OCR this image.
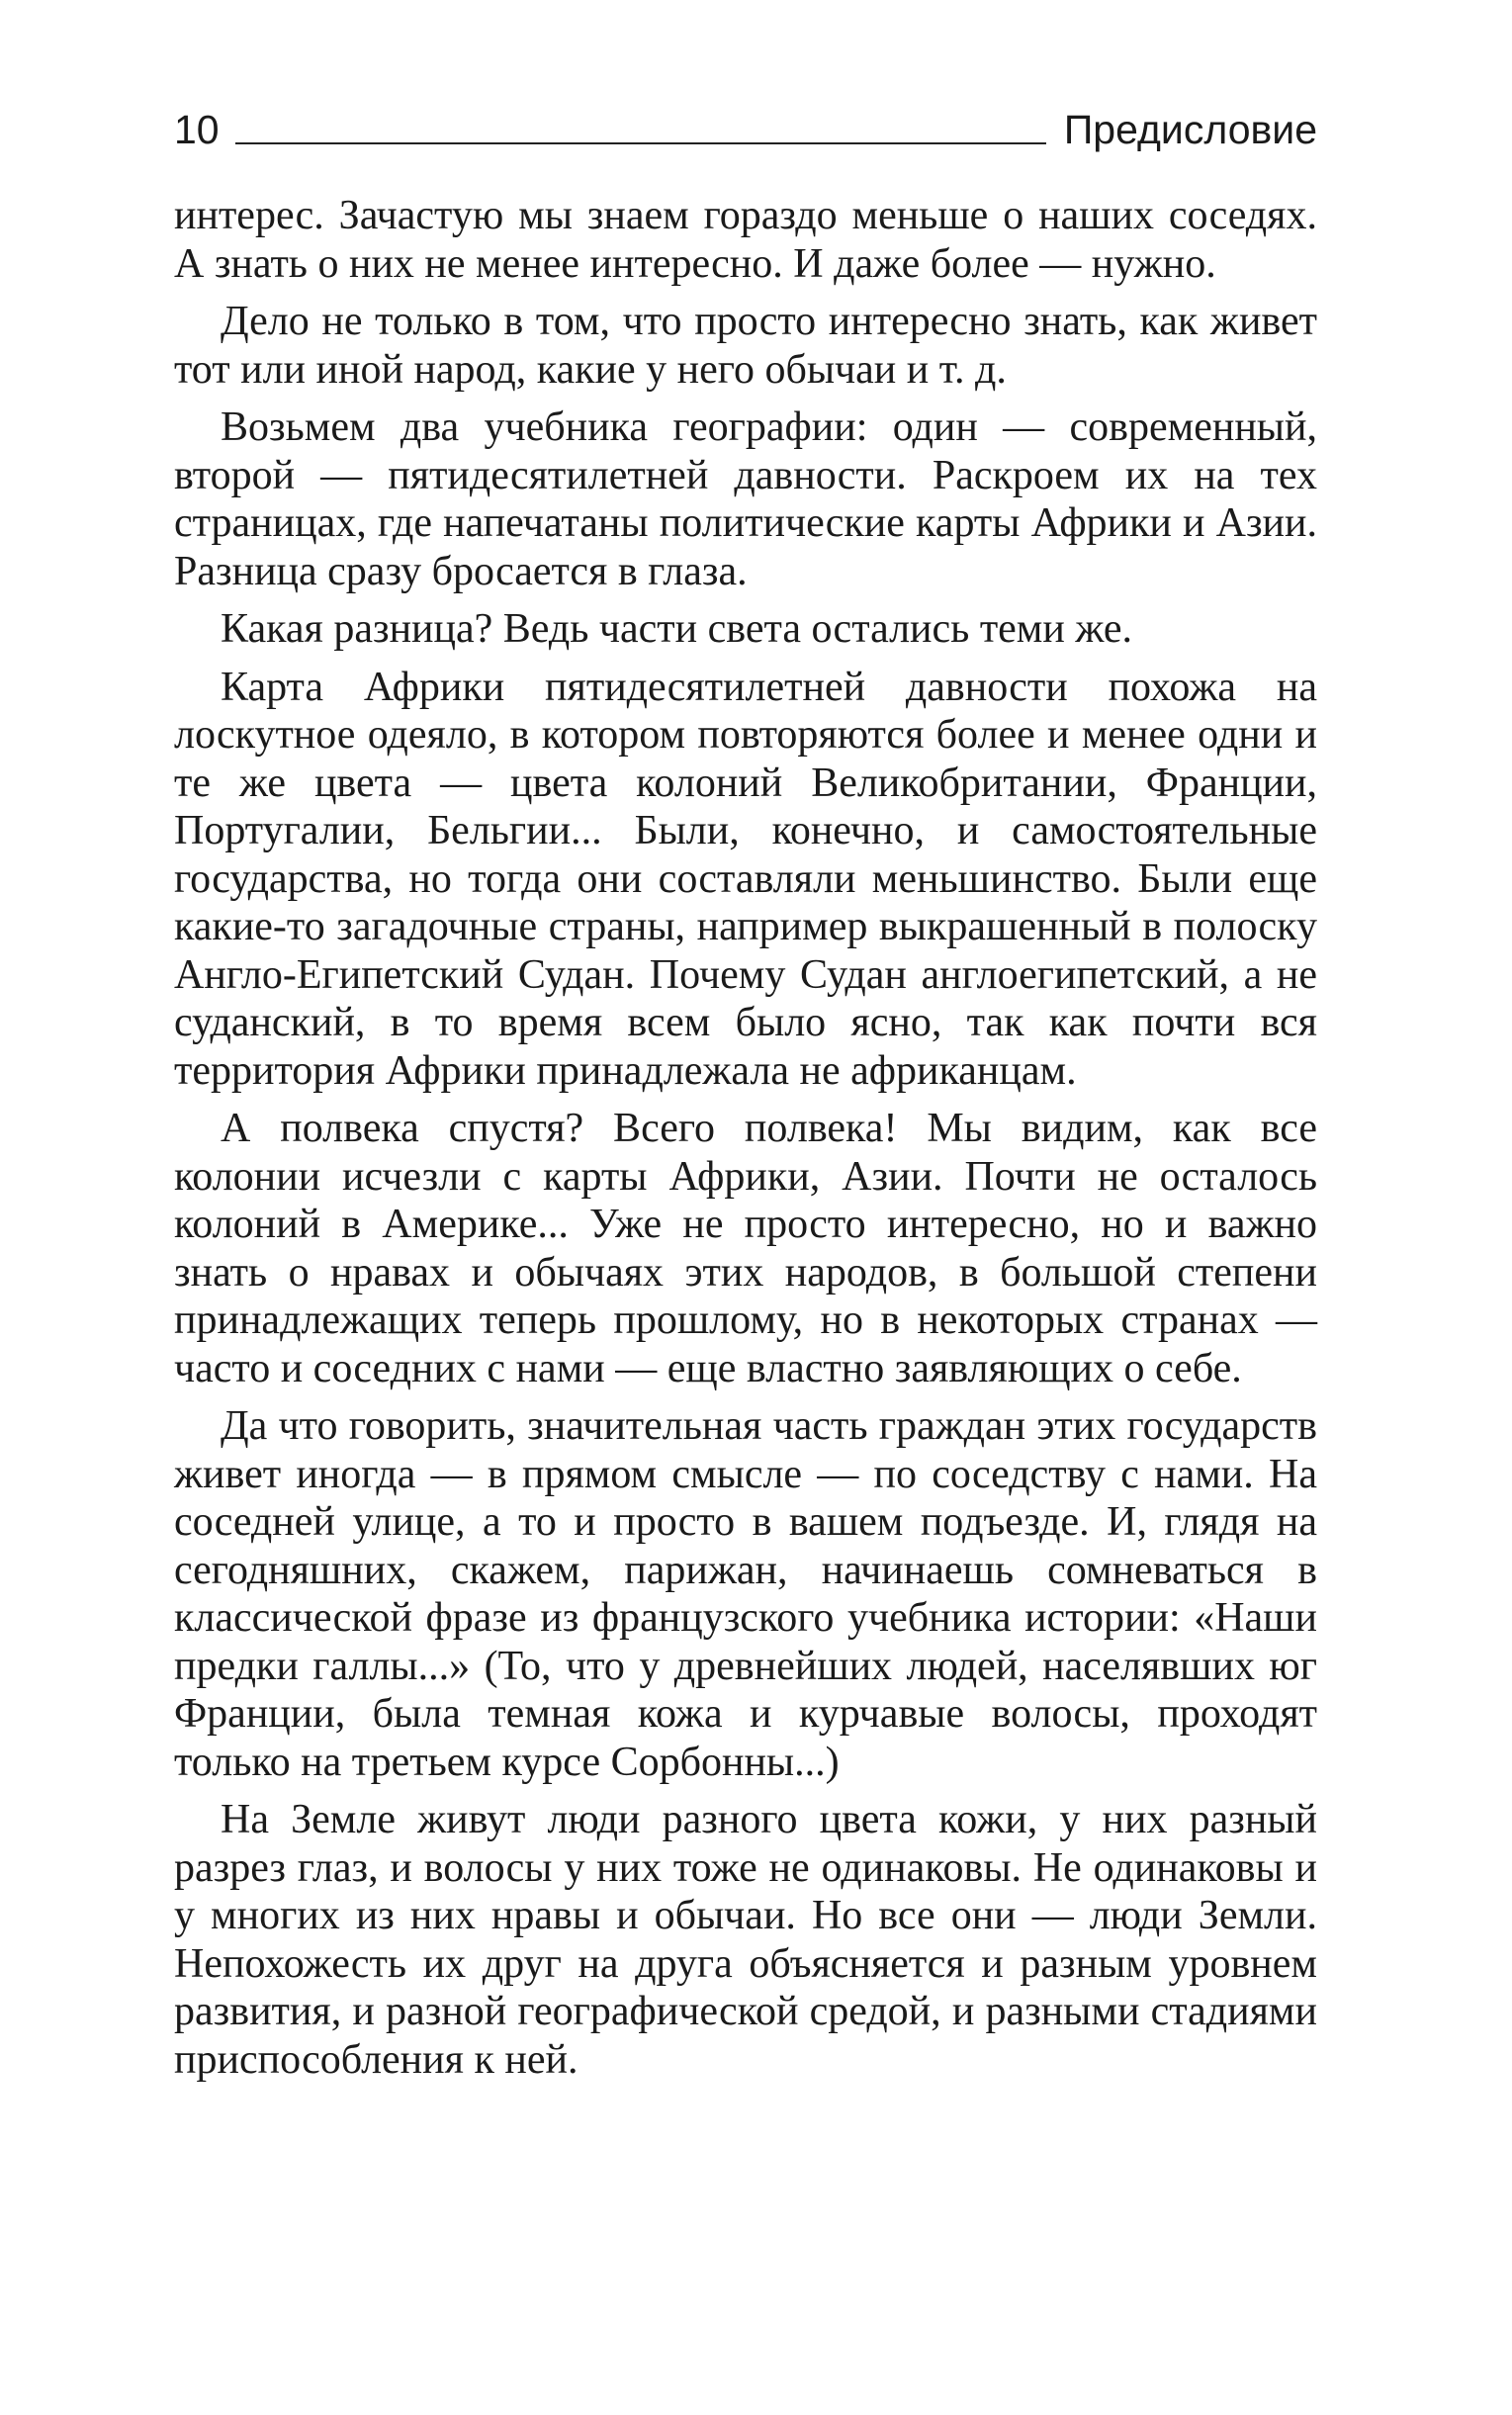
10	Предисловие

интерес. Зачастую мы знаем гораздо меньше о наших соседях. А знать о них не менее интересно. И даже более — нужно.

Дело не только в том, что просто интересно знать, как живет тот или иной народ, какие у него обычаи и т. д.

Возьмем два учебника географии: один — современный, второй — пятидесятилетней давности. Раскроем их на тех страницах, где напечатаны политические карты Африки и Азии. Разница сразу бросается в глаза.

Какая разница? Ведь части света остались теми же.

Карта Африки пятидесятилетней давности похожа на лоскутное одеяло, в котором повторяются более и менее одни и те же цвета — цвета колоний Великобритании, Франции, Португалии, Бельгии... Были, конечно, и самостоятельные государства, но тогда они составляли меньшинство. Были еще какие-то загадочные страны, например выкрашенный в полоску Англо-Египетский Судан. Почему Судан англоегипетский, а не суданский, в то время всем было ясно, так как почти вся территория Африки принадлежала не африканцам.

А полвека спустя? Всего полвека! Мы видим, как все колонии исчезли с карты Африки, Азии. Почти не осталось колоний в Америке... Уже не просто интересно, но и важно знать о нравах и обычаях этих народов, в большой степени принадлежащих теперь прошлому, но в некоторых странах — часто и соседних с нами — еще властно заявляющих о себе.

Да что говорить, значительная часть граждан этих государств живет иногда — в прямом смысле — по соседству с нами. На соседней улице, а то и просто в вашем подъезде. И, глядя на сегодняшних, скажем, парижан, начинаешь сомневаться в классической фразе из французского учебника истории: «Наши предки галлы...» (То, что у древнейших людей, населявших юг Франции, была темная кожа и курчавые волосы, проходят только на третьем курсе Сорбонны...)

На Земле живут люди разного цвета кожи, у них разный разрез глаз, и волосы у них тоже не одинаковы. Не одинаковы и у многих из них нравы и обычаи. Но все они — люди Земли. Непохожесть их друг на друга объясняется и разным уровнем развития, и разной географической средой, и разными стадиями приспособления к ней.
